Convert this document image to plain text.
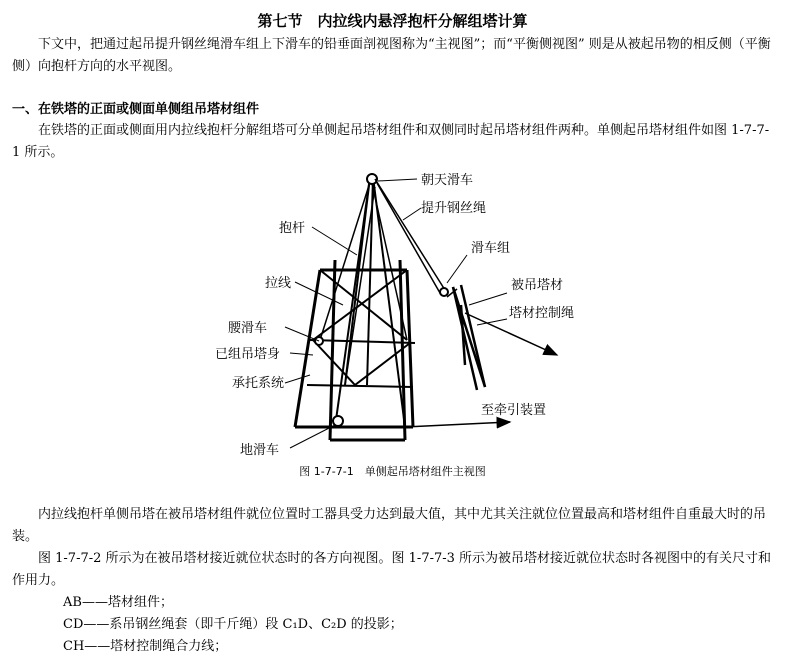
第七节　内拉线内悬浮抱杆分解组塔计算
下文中，把通过起吊提升钢丝绳滑车组上下滑车的铅垂面剖视图称为“主视图”；而“平衡侧视图” 则是从被起吊物的相反侧（平衡侧）向抱杆方向的水平视图。
一、在铁塔的正面或侧面单侧组吊塔材组件
在铁塔的正面或侧面用内拉线抱杆分解组塔可分单侧起吊塔材组件和双侧同时起吊塔材组件两种。单侧起吊塔材组件如图 1-7-7-1 所示。
朝天滑车
提升钢丝绳
抱杆
滑车组
拉线	被吊塔材
塔材控制绳
腰滑车
已组吊塔身
承托系统
至牵引装置
地滑车
图 1-7-7-1　单侧起吊塔材组件主视图
内拉线抱杆单侧吊塔在被吊塔材组件就位位置时工器具受力达到最大值，其中尤其关注就位位置最高和塔材组件自重最大时的吊装。
图 1-7-7-2 所示为在被吊塔材接近就位状态时的各方向视图。图 1-7-7-3 所示为被吊塔材接近就位状态时各视图中的有关尺寸和作用力。
AB——塔材组件；
CD——系吊钢丝绳套（即千斤绳）段 C₁D、C₂D 的投影；
CH——塔材控制绳合力线；
